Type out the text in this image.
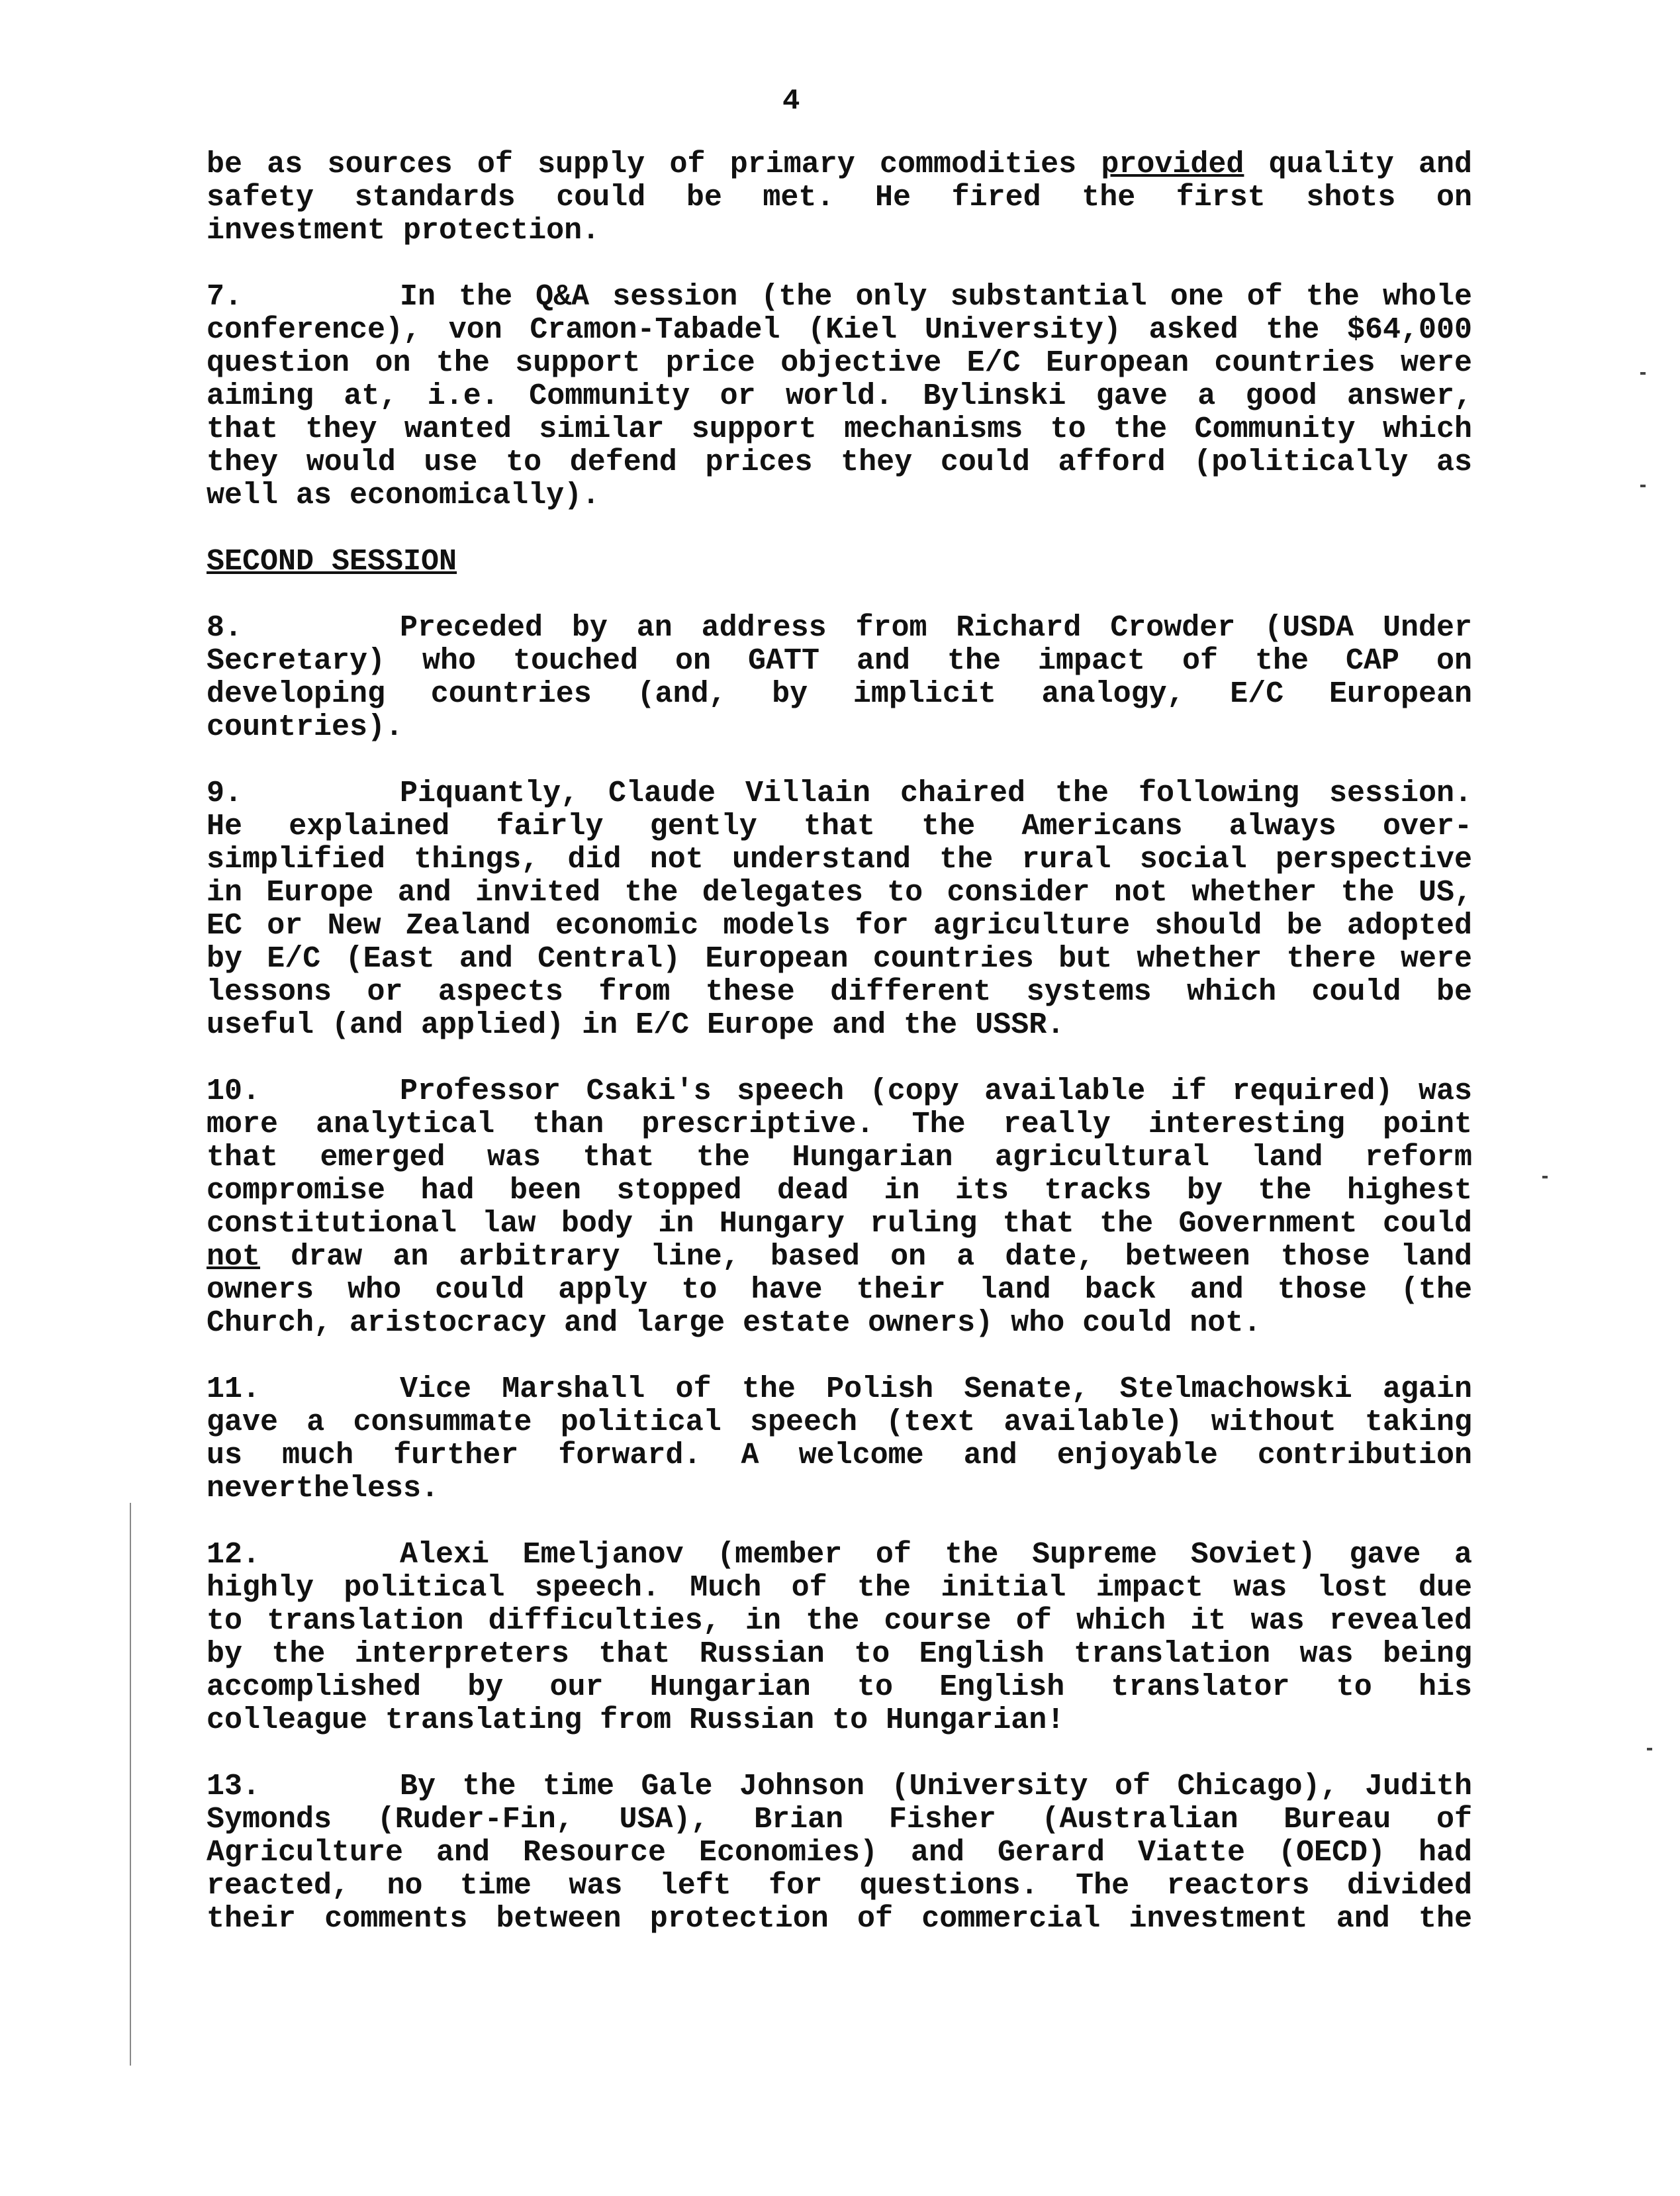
4
be as sources of supply of primary commodities provided quality and
safety standards could be met. He fired the first shots on
investment protection.
7.	In the Q&A session (the only substantial one of the whole
conference), von Cramon-Tabadel (Kiel University) asked the $64,000
question on the support price objective E/C European countries were
aiming at, i.e. Community or world. Bylinski gave a good answer,
that they wanted similar support mechanisms to the Community which
they would use to defend prices they could afford (politically as
well as economically).
SECOND SESSION
8.	Preceded by an address from Richard Crowder (USDA Under
Secretary) who touched on GATT and the impact of the CAP on
developing countries (and, by implicit analogy, E/C European
countries).
9.	Piquantly, Claude Villain chaired the following session.
He explained fairly gently that the Americans always over-
simplified things, did not understand the rural social perspective
in Europe and invited the delegates to consider not whether the US,
EC or New Zealand economic models for agriculture should be adopted
by E/C (East and Central) European countries but whether there were
lessons or aspects from these different systems which could be
useful (and applied) in E/C Europe and the USSR.
10.	Professor Csaki's speech (copy available if required) was
more analytical than prescriptive. The really interesting point
that emerged was that the Hungarian agricultural land reform
compromise had been stopped dead in its tracks by the highest
constitutional law body in Hungary ruling that the Government could
not draw an arbitrary line, based on a date, between those land
owners who could apply to have their land back and those (the
Church, aristocracy and large estate owners) who could not.
11.	Vice Marshall of the Polish Senate, Stelmachowski again
gave a consummate political speech (text available) without taking
us much further forward. A welcome and enjoyable contribution
nevertheless.
12.	Alexi Emeljanov (member of the Supreme Soviet) gave a
highly political speech. Much of the initial impact was lost due
to translation difficulties, in the course of which it was revealed
by the interpreters that Russian to English translation was being
accomplished by our Hungarian to English translator to his
colleague translating from Russian to Hungarian!
13.	By the time Gale Johnson (University of Chicago), Judith
Symonds (Ruder-Fin, USA), Brian Fisher (Australian Bureau of
Agriculture and Resource Economies) and Gerard Viatte (OECD) had
reacted, no time was left for questions. The reactors divided
their comments between protection of commercial investment and the
